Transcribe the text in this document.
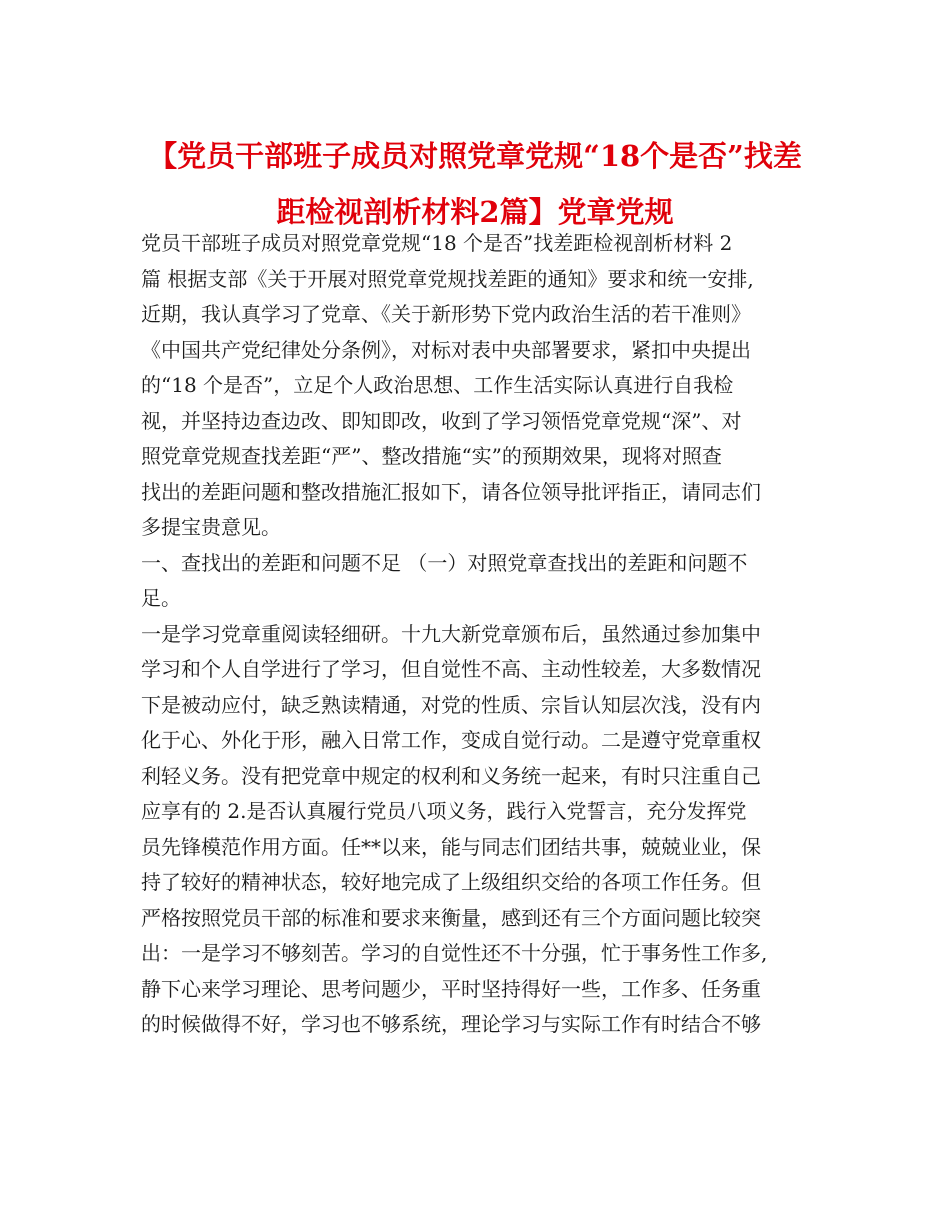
【党员干部班子成员对照党章党规“18个是否”找差
距检视剖析材料2篇】党章党规
党员干部班子成员对照党章党规“18 个是否”找差距检视剖析材料 2
篇 根据支部《关于开展对照党章党规找差距的通知》要求和统一安排,
近期，我认真学习了党章、《关于新形势下党内政治生活的若干准则》
《中国共产党纪律处分条例》，对标对表中央部署要求，紧扣中央提出
的“18 个是否”，立足个人政治思想、工作生活实际认真进行自我检
视，并坚持边查边改、即知即改，收到了学习领悟党章党规“深”、对
照党章党规查找差距“严”、整改措施“实”的预期效果，现将对照查
找出的差距问题和整改措施汇报如下，请各位领导批评指正，请同志们
多提宝贵意见。
一、查找出的差距和问题不足 （一）对照党章查找出的差距和问题不
足。
一是学习党章重阅读轻细研。十九大新党章颁布后，虽然通过参加集中
学习和个人自学进行了学习，但自觉性不高、主动性较差，大多数情况
下是被动应付，缺乏熟读精通，对党的性质、宗旨认知层次浅，没有内
化于心、外化于形，融入日常工作，变成自觉行动。二是遵守党章重权
利轻义务。没有把党章中规定的权利和义务统一起来，有时只注重自己
应享有的 2.是否认真履行党员八项义务，践行入党誓言，充分发挥党
员先锋模范作用方面。任**以来，能与同志们团结共事，兢兢业业，保
持了较好的精神状态，较好地完成了上级组织交给的各项工作任务。但
严格按照党员干部的标准和要求来衡量，感到还有三个方面问题比较突
出：一是学习不够刻苦。学习的自觉性还不十分强，忙于事务性工作多,
静下心来学习理论、思考问题少，平时坚持得好一些，工作多、任务重
的时候做得不好，学习也不够系统，理论学习与实际工作有时结合不够
